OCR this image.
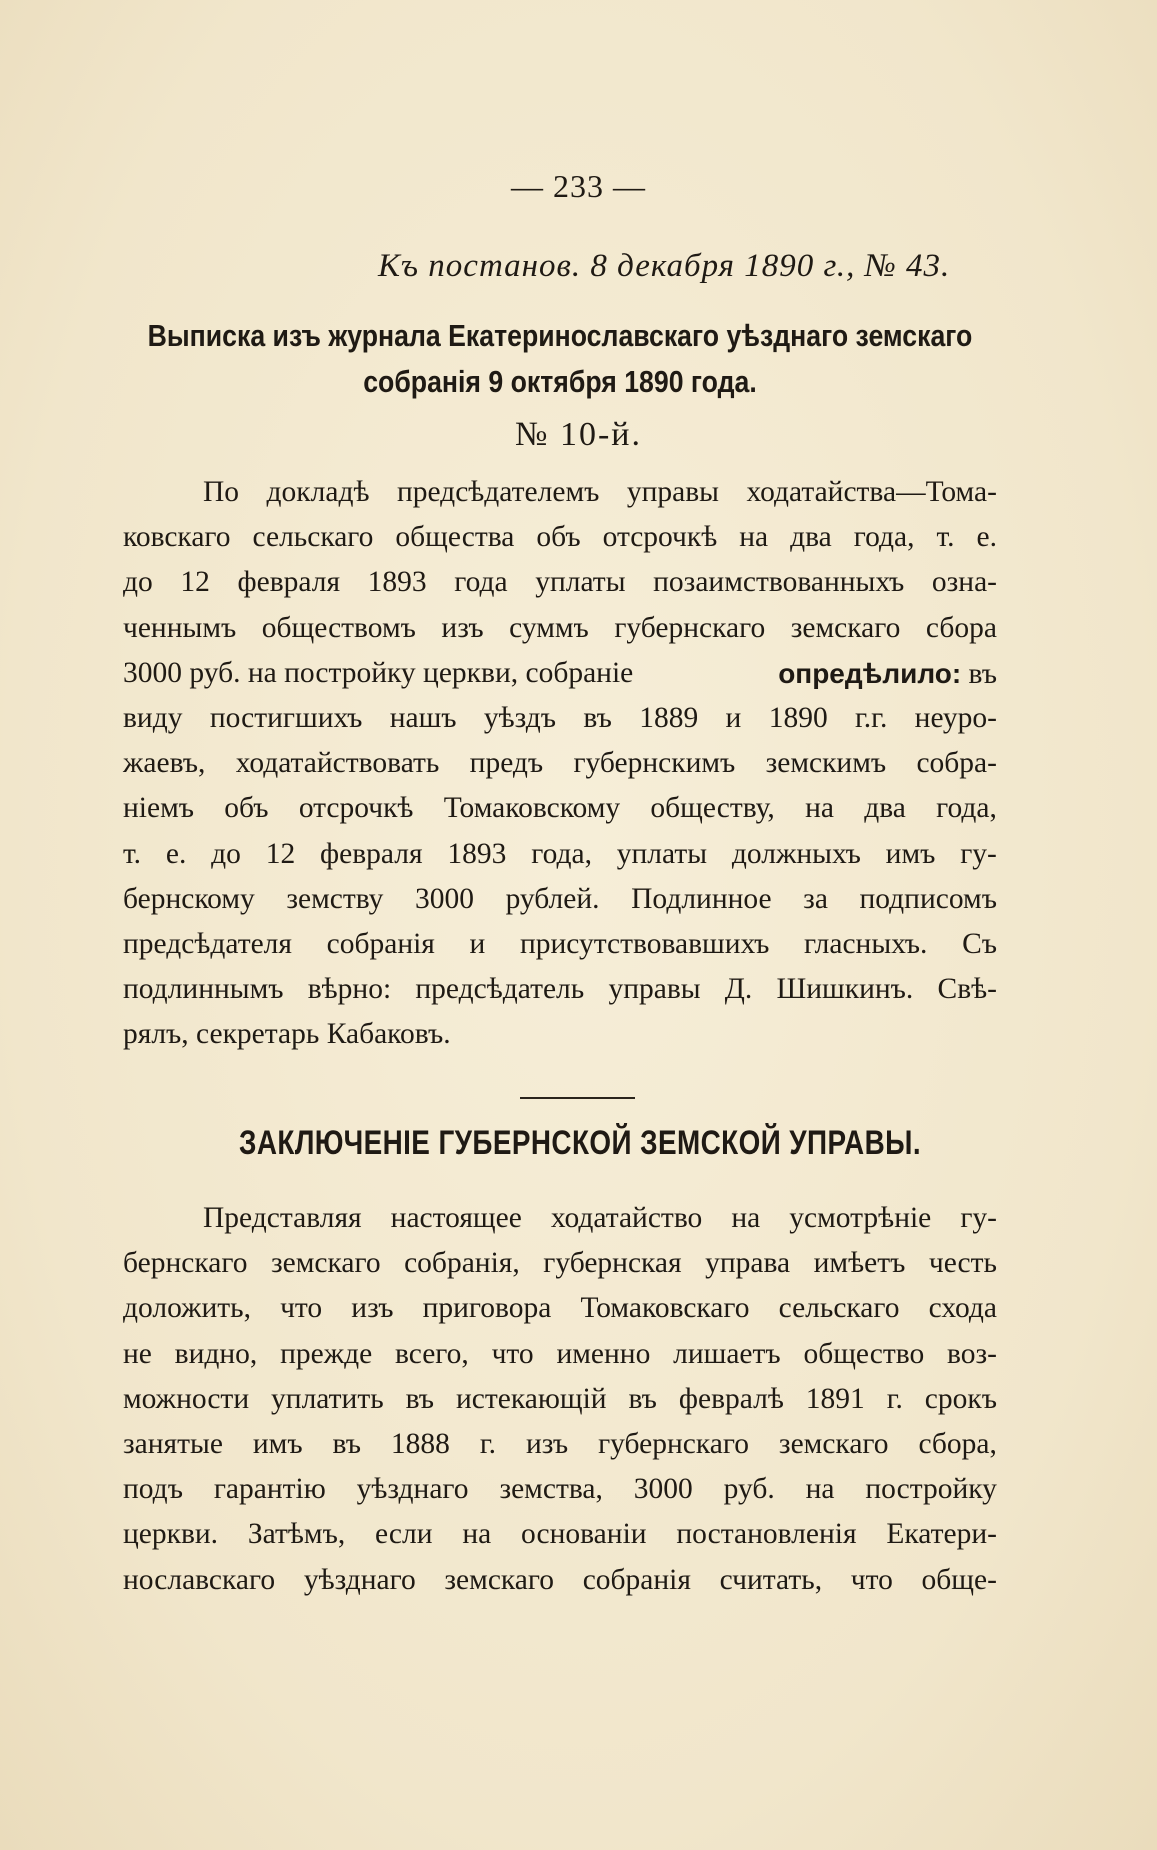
— 233 —
Къ постанов. 8 декабря 1890 г., № 43.
Выписка изъ журнала Екатеринославскаго уѣзднаго земскаго
собранія 9 октября 1890 года.
№ 10-й.
По докладѣ предсѣдателемъ управы ходатайства—Тома-
ковскаго сельскаго общества объ отсрочкѣ на два года, т. е.
до 12 февраля 1893 года уплаты позаимствованныхъ озна-
ченнымъ обществомъ изъ суммъ губернскаго земскаго сбора
3000 руб. на постройку церкви, собраніе	опредѣлило: въ
виду постигшихъ нашъ уѣздъ въ 1889 и 1890 г.г. неуро-
жаевъ, ходатайствовать предъ губернскимъ земскимъ собра-
ніемъ объ отсрочкѣ Томаковскому обществу, на два года,
т. е. до 12 февраля 1893 года, уплаты должныхъ имъ гу-
бернскому земству 3000 рублей. Подлинное за подписомъ
предсѣдателя собранія и присутствовавшихъ гласныхъ. Съ
подлиннымъ вѣрно: предсѣдатель управы Д. Шишкинъ. Свѣ-
рялъ, секретарь Кабаковъ.
ЗАКЛЮЧЕНІЕ ГУБЕРНСКОЙ ЗЕМСКОЙ УПРАВЫ.
Представляя настоящее ходатайство на усмотрѣніе гу-
бернскаго земскаго собранія, губернская управа имѣетъ честь
доложить, что изъ приговора Томаковскаго сельскаго схода
не видно, прежде всего, что именно лишаетъ общество воз-
можности уплатить въ истекающій въ февралѣ 1891 г. срокъ
занятые имъ въ 1888 г. изъ губернскаго земскаго сбора,
подъ гарантію уѣзднаго земства, 3000 руб. на постройку
церкви. Затѣмъ, если на основаніи постановленія Екатери-
нославскаго уѣзднаго земскаго собранія считать, что обще-
